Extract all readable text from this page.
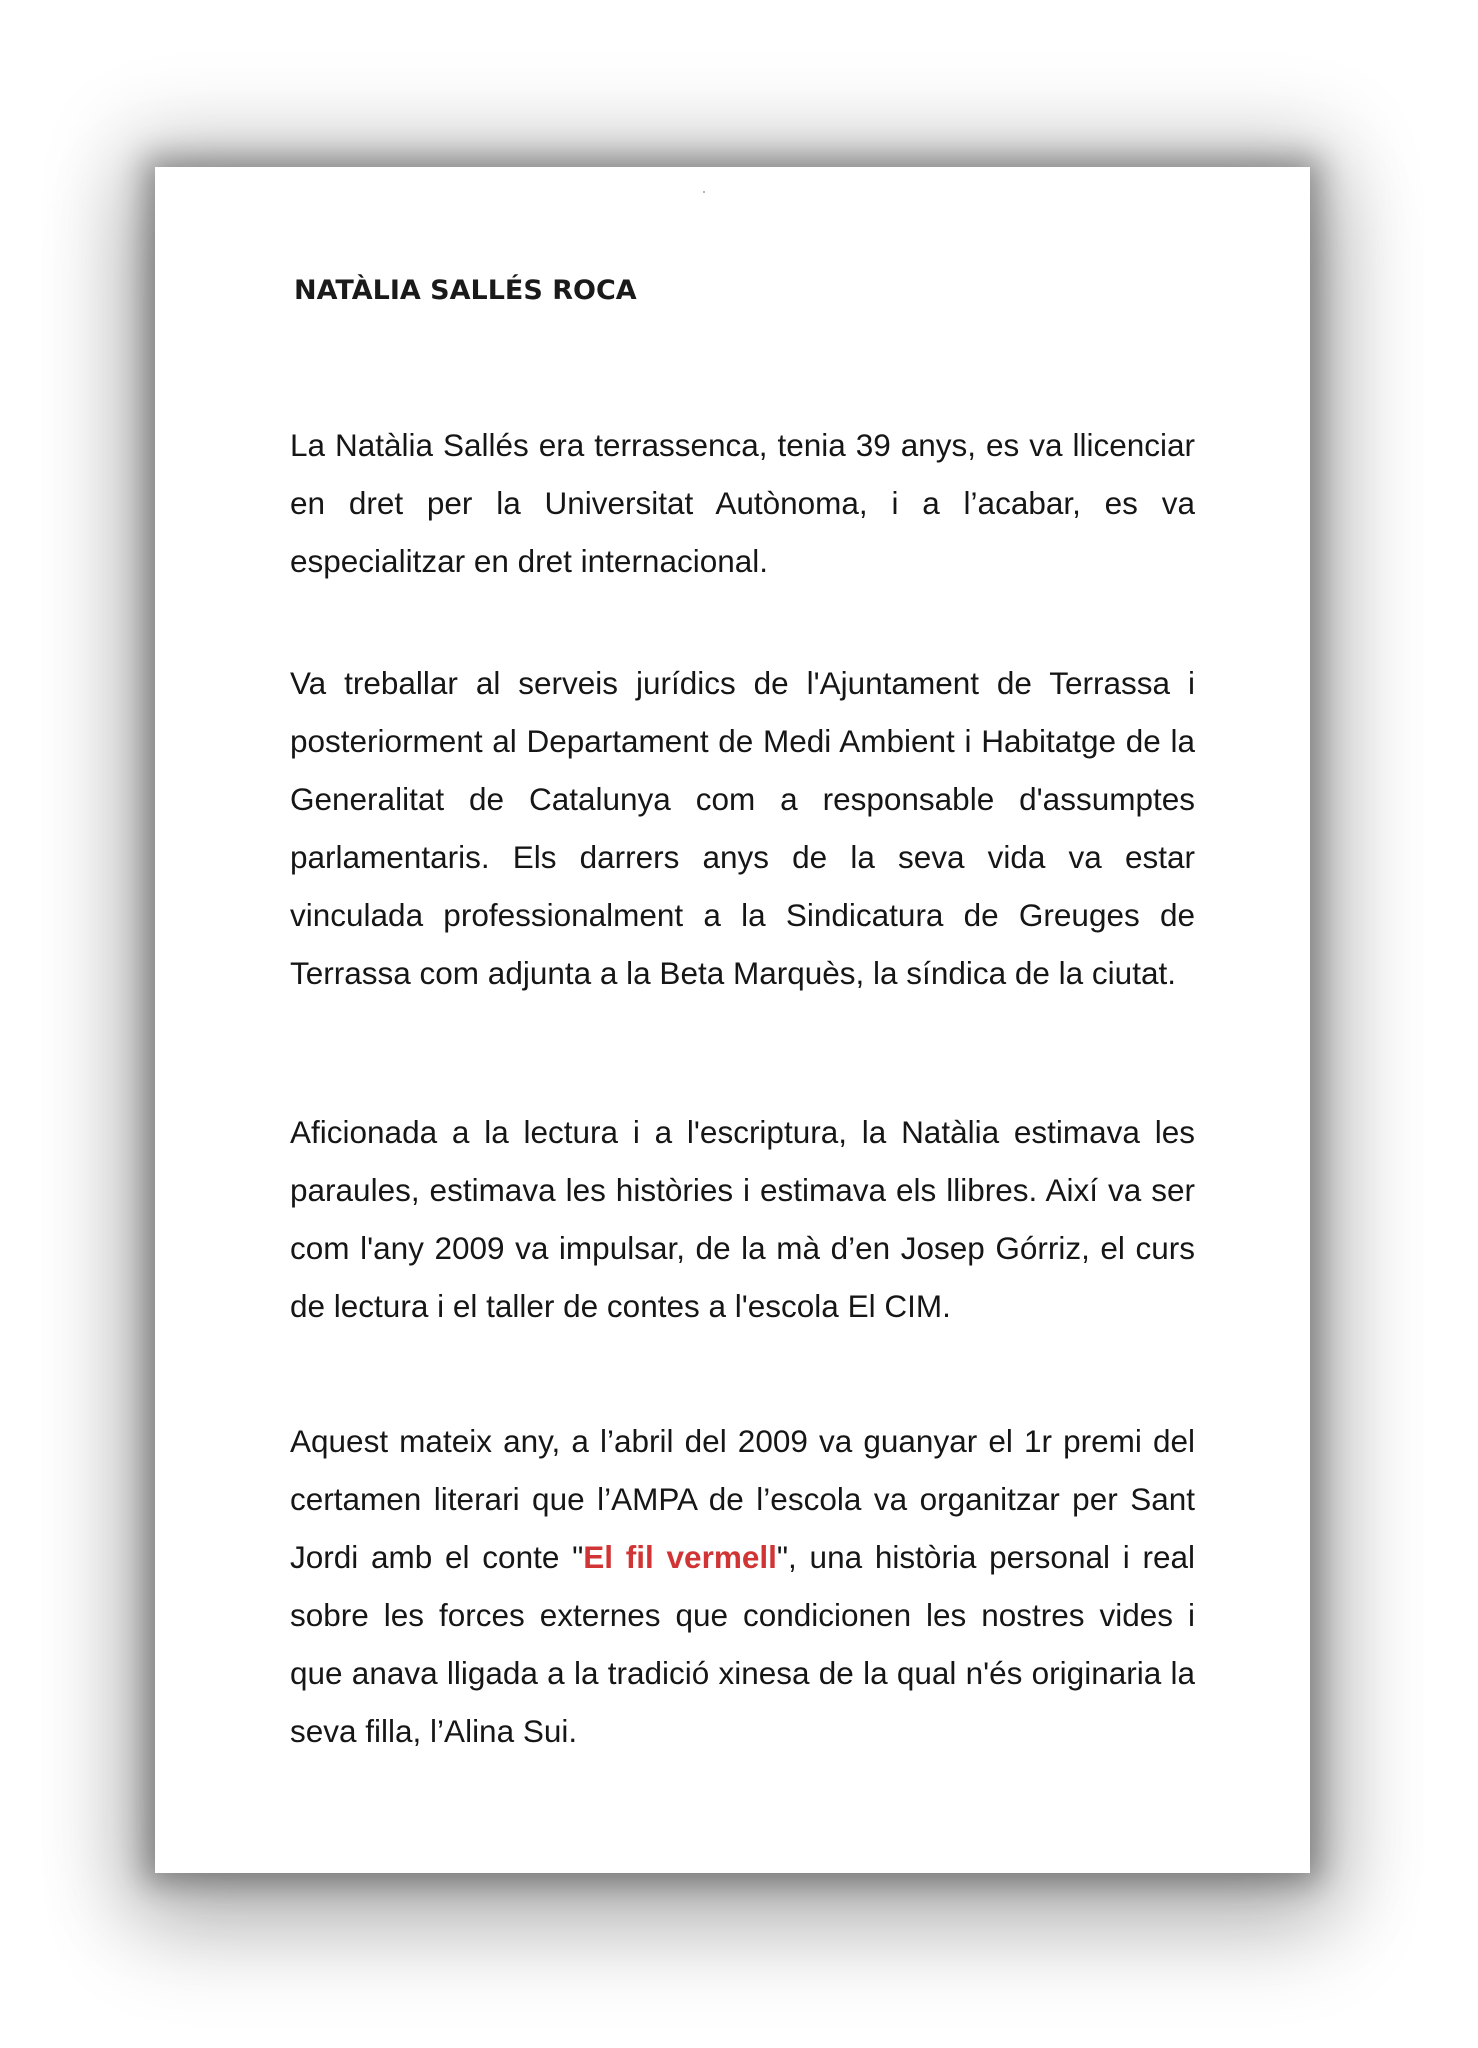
NATÀLIA SALLÉS ROCA

La Natàlia Sallés era terrassenca, tenia 39 anys, es va llicenciar en dret per la Universitat Autònoma, i a l’acabar, es va especialitzar en dret internacional.

Va treballar al serveis jurídics de l'Ajuntament de Terrassa i posteriorment al Departament de Medi Ambient i Habitatge de la Generalitat de Catalunya com a responsable d'assumptes parlamentaris. Els darrers anys de la seva vida va estar vinculada professionalment a la Sindicatura de Greuges de Terrassa com adjunta a la Beta Marquès, la síndica de la ciutat.

Aficionada a la lectura i a l'escriptura, la Natàlia estimava les paraules, estimava les històries i estimava els llibres. Així va ser com l'any 2009 va impulsar, de la mà d’en Josep Górriz, el curs de lectura i el taller de contes a l'escola El CIM.

Aquest mateix any, a l’abril del 2009 va guanyar el 1r premi del certamen literari que l’AMPA de l’escola va organitzar per Sant Jordi amb el conte "El fil vermell", una història personal i real sobre les forces externes que condicionen les nostres vides i que anava lligada a la tradició xinesa de la qual n'és originaria la seva filla, l’Alina Sui.
